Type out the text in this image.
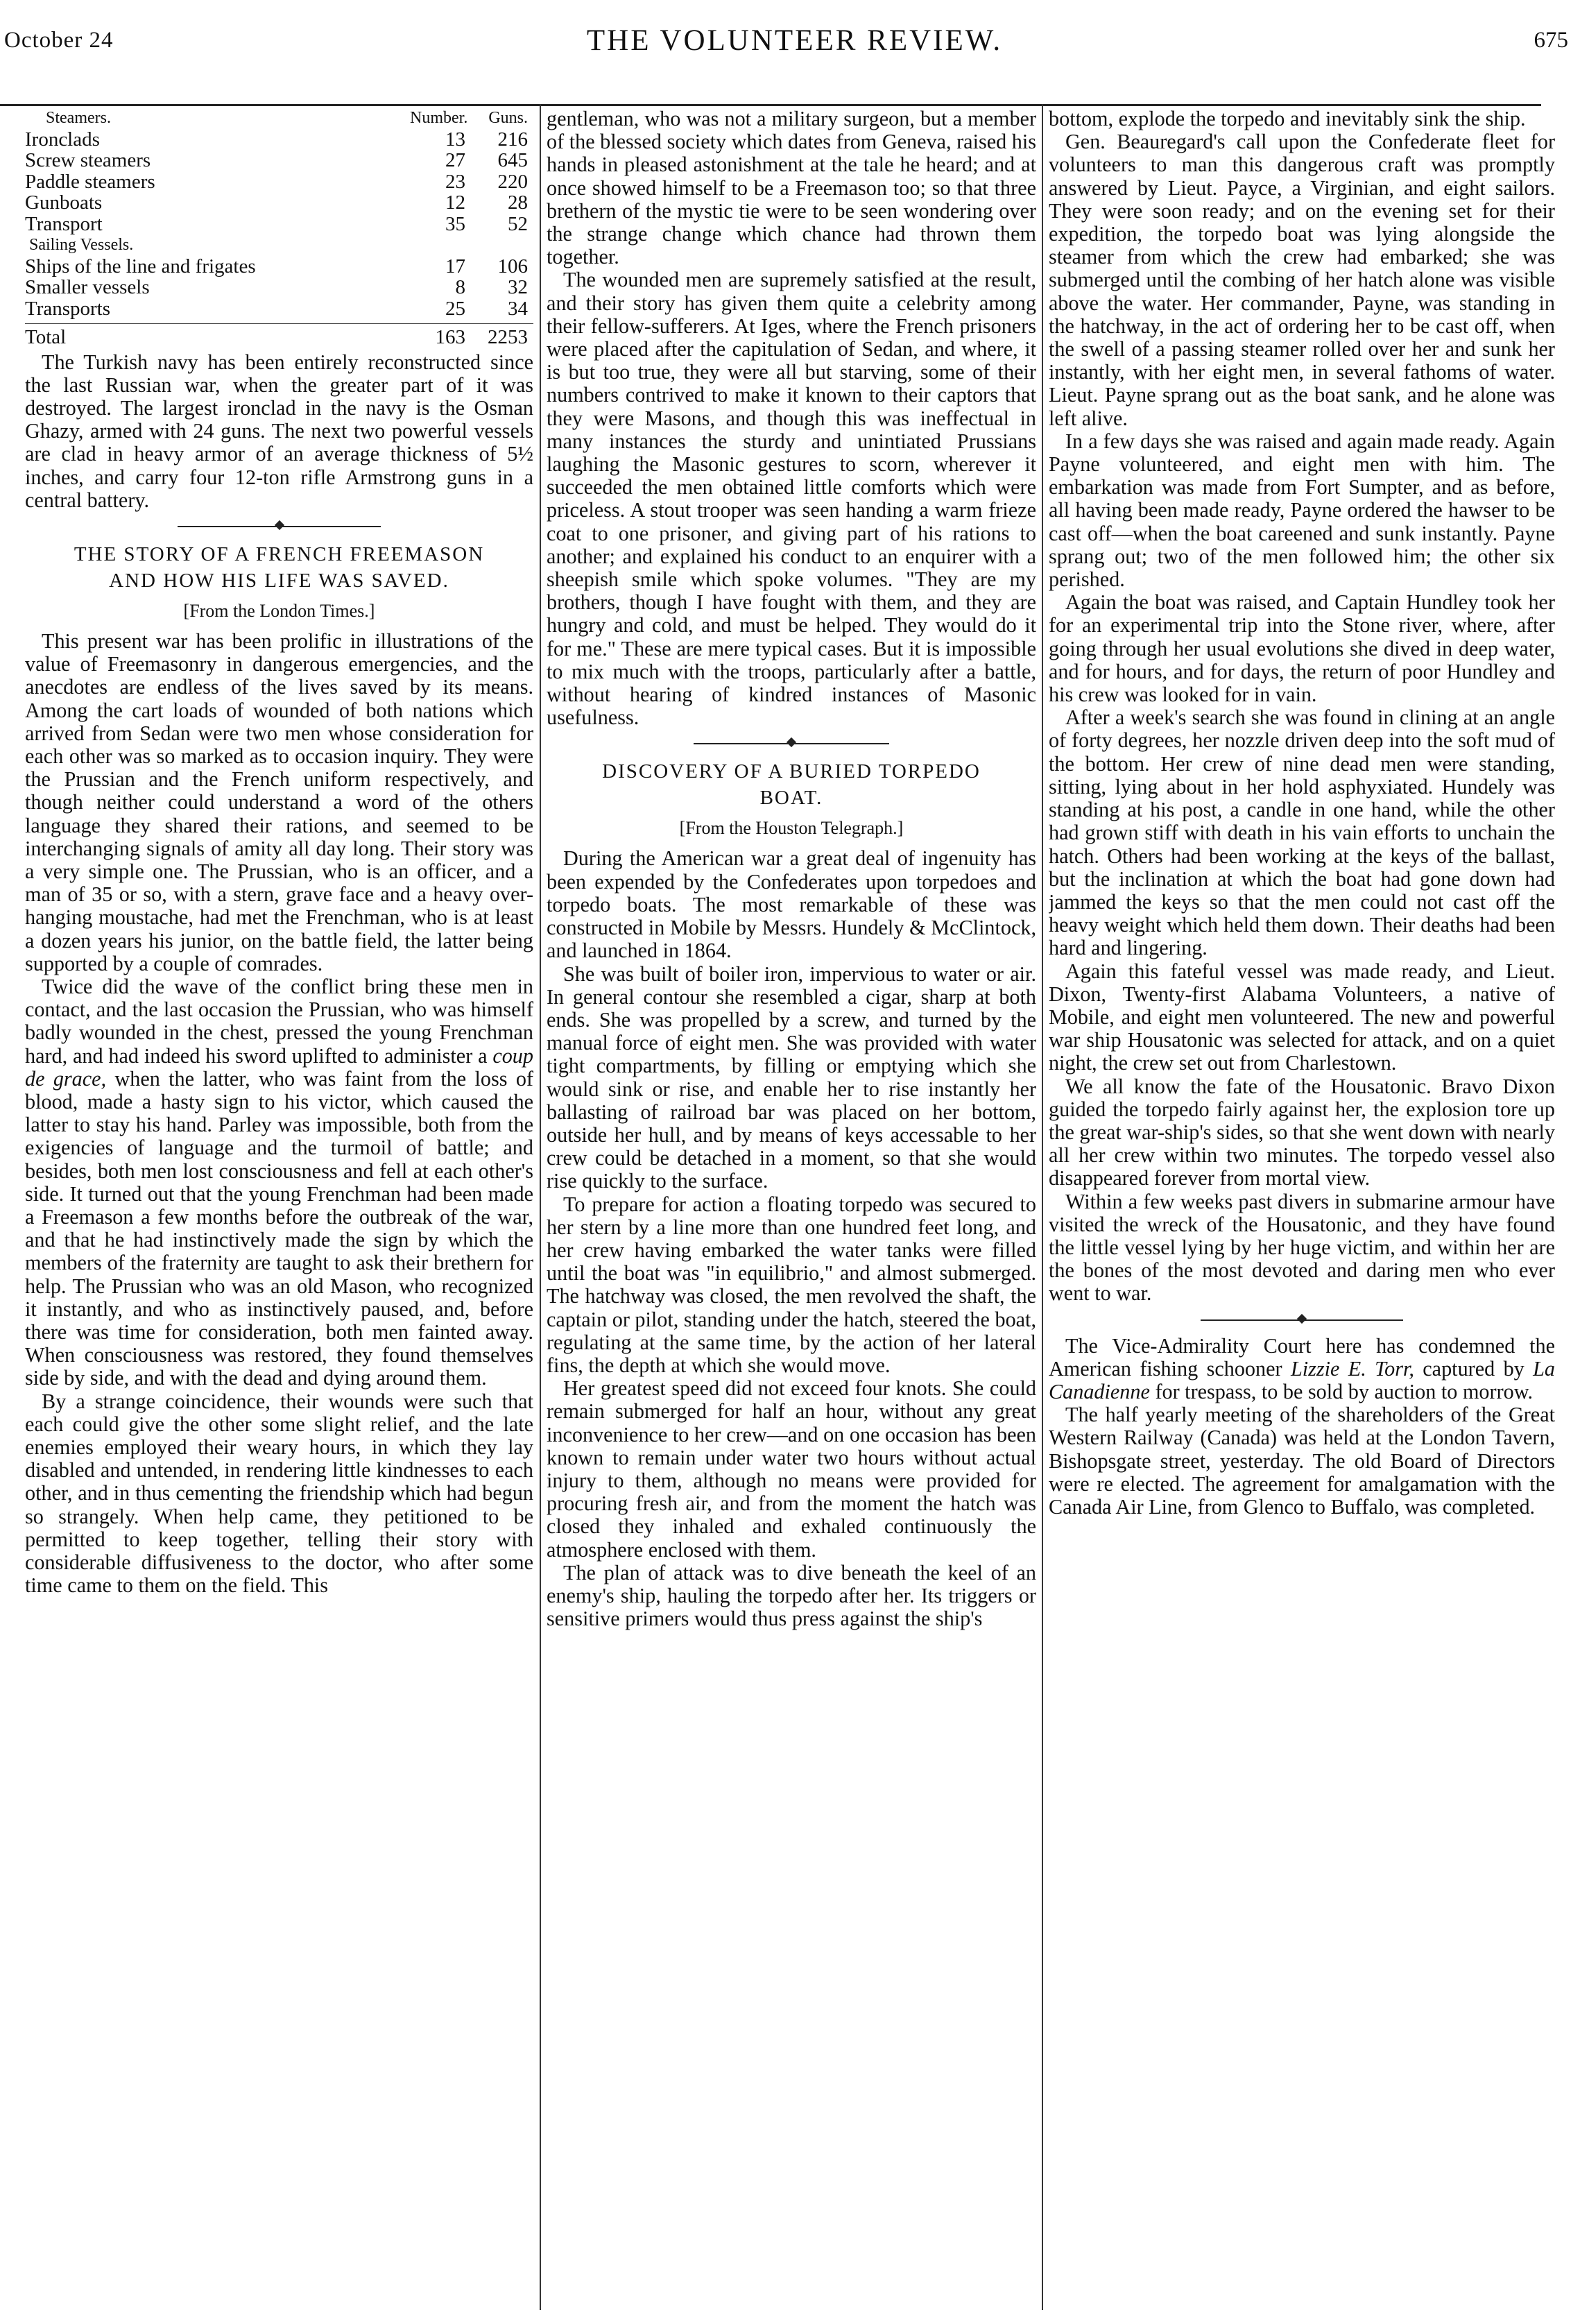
October 24	THE VOLUNTEER REVIEW.	675
Steamers.	Number.	Guns.
Ironclads	13	216
Screw steamers	27	645
Paddle steamers	23	220
Gunboats	12	28
Transport	35	52
Sailing Vessels.
Ships of the line and frigates	17	106
Smaller vessels	8	32
Transports	25	34
Total	163	2253

The Turkish navy has been entirely reconstructed since the last Russian war, when the greater part of it was destroyed. The largest ironclad in the navy is the Osman Ghazy, armed with 24 guns. The next two powerful vessels are clad in heavy armor of an average thickness of 5½ inches, and carry four 12-ton rifle Armstrong guns in a central battery.

THE STORY OF A FRENCH FREEMASON
AND HOW HIS LIFE WAS SAVED.
[From the London Times.]

This present war has been prolific in illustrations of the value of Freemasonry in dangerous emergencies, and the anecdotes are endless of the lives saved by its means. Among the cart loads of wounded of both nations which arrived from Sedan were two men whose consideration for each other was so marked as to occasion inquiry. They were the Prussian and the French uniform respectively, and though neither could understand a word of the others language they shared their rations, and seemed to be interchanging signals of amity all day long. Their story was a very simple one. The Prussian, who is an officer, and a man of 35 or so, with a stern, grave face and a heavy over-hanging moustache, had met the Frenchman, who is at least a dozen years his junior, on the battle field, the latter being supported by a couple of comrades.

Twice did the wave of the conflict bring these men in contact, and the last occasion the Prussian, who was himself badly wounded in the chest, pressed the young Frenchman hard, and had indeed his sword uplifted to administer a coup de grace, when the latter, who was faint from the loss of blood, made a hasty sign to his victor, which caused the latter to stay his hand. Parley was impossible, both from the exigencies of language and the turmoil of battle; and besides, both men lost consciousness and fell at each other's side. It turned out that the young Frenchman had been made a Freemason a few months before the outbreak of the war, and that he had instinctively made the sign by which the members of the fraternity are taught to ask their brethern for help. The Prussian who was an old Mason, who recognized it instantly, and who as instinctively paused, and, before there was time for consideration, both men fainted away. When consciousness was restored, they found themselves side by side, and with the dead and dying around them.

By a strange coincidence, their wounds were such that each could give the other some slight relief, and the late enemies employed their weary hours, in which they lay disabled and untended, in rendering little kindnesses to each other, and in thus cementing the friendship which had begun so strangely. When help came, they petitioned to be permitted to keep together, telling their story with considerable diffusiveness to the doctor, who after some time came to them on the field. This

gentleman, who was not a military surgeon, but a member of the blessed society which dates from Geneva, raised his hands in pleased astonishment at the tale he heard; and at once showed himself to be a Freemason too; so that three brethern of the mystic tie were to be seen wondering over the strange change which chance had thrown them together.

The wounded men are supremely satisfied at the result, and their story has given them quite a celebrity among their fellow-sufferers. At Iges, where the French prisoners were placed after the capitulation of Sedan, and where, it is but too true, they were all but starving, some of their numbers contrived to make it known to their captors that they were Masons, and though this was ineffectual in many instances the sturdy and unintiated Prussians laughing the Masonic gestures to scorn, wherever it succeeded the men obtained little comforts which were priceless. A stout trooper was seen handing a warm frieze coat to one prisoner, and giving part of his rations to another; and explained his conduct to an enquirer with a sheepish smile which spoke volumes. "They are my brothers, though I have fought with them, and they are hungry and cold, and must be helped. They would do it for me." These are mere typical cases. But it is impossible to mix much with the troops, particularly after a battle, without hearing of kindred instances of Masonic usefulness.

DISCOVERY OF A BURIED TORPEDO
BOAT.
[From the Houston Telegraph.]

During the American war a great deal of ingenuity has been expended by the Confederates upon torpedoes and torpedo boats. The most remarkable of these was constructed in Mobile by Messrs. Hundely & McClintock, and launched in 1864.

She was built of boiler iron, impervious to water or air. In general contour she resembled a cigar, sharp at both ends. She was propelled by a screw, and turned by the manual force of eight men. She was provided with water tight compartments, by filling or emptying which she would sink or rise, and enable her to rise instantly her ballasting of railroad bar was placed on her bottom, outside her hull, and by means of keys accessable to her crew could be detached in a moment, so that she would rise quickly to the surface.

To prepare for action a floating torpedo was secured to her stern by a line more than one hundred feet long, and her crew having embarked the water tanks were filled until the boat was "in equilibrio," and almost submerged. The hatchway was closed, the men revolved the shaft, the captain or pilot, standing under the hatch, steered the boat, regulating at the same time, by the action of her lateral fins, the depth at which she would move.

Her greatest speed did not exceed four knots. She could remain submerged for half an hour, without any great inconvenience to her crew—and on one occasion has been known to remain under water two hours without actual injury to them, although no means were provided for procuring fresh air, and from the moment the hatch was closed they inhaled and exhaled continuously the atmosphere enclosed with them.

The plan of attack was to dive beneath the keel of an enemy's ship, hauling the torpedo after her. Its triggers or sensitive primers would thus press against the ship's

bottom, explode the torpedo and inevitably sink the ship.

Gen. Beauregard's call upon the Confederate fleet for volunteers to man this dangerous craft was promptly answered by Lieut. Payce, a Virginian, and eight sailors. They were soon ready; and on the evening set for their expedition, the torpedo boat was lying alongside the steamer from which the crew had embarked; she was submerged until the combing of her hatch alone was visible above the water. Her commander, Payne, was standing in the hatchway, in the act of ordering her to be cast off, when the swell of a passing steamer rolled over her and sunk her instantly, with her eight men, in several fathoms of water. Lieut. Payne sprang out as the boat sank, and he alone was left alive.

In a few days she was raised and again made ready. Again Payne volunteered, and eight men with him. The embarkation was made from Fort Sumpter, and as before, all having been made ready, Payne ordered the hawser to be cast off—when the boat careened and sunk instantly. Payne sprang out; two of the men followed him; the other six perished.

Again the boat was raised, and Captain Hundley took her for an experimental trip into the Stone river, where, after going through her usual evolutions she dived in deep water, and for hours, and for days, the return of poor Hundley and his crew was looked for in vain.

After a week's search she was found in clining at an angle of forty degrees, her nozzle driven deep into the soft mud of the bottom. Her crew of nine dead men were standing, sitting, lying about in her hold asphyxiated. Hundely was standing at his post, a candle in one hand, while the other had grown stiff with death in his vain efforts to unchain the hatch. Others had been working at the keys of the ballast, but the inclination at which the boat had gone down had jammed the keys so that the men could not cast off the heavy weight which held them down. Their deaths had been hard and lingering.

Again this fateful vessel was made ready, and Lieut. Dixon, Twenty-first Alabama Volunteers, a native of Mobile, and eight men volunteered. The new and powerful war ship Housatonic was selected for attack, and on a quiet night, the crew set out from Charlestown.

We all know the fate of the Housatonic. Bravo Dixon guided the torpedo fairly against her, the explosion tore up the great war-ship's sides, so that she went down with nearly all her crew within two minutes. The torpedo vessel also disappeared forever from mortal view.

Within a few weeks past divers in submarine armour have visited the wreck of the Housatonic, and they have found the little vessel lying by her huge victim, and within her are the bones of the most devoted and daring men who ever went to war.

The Vice-Admirality Court here has condemned the American fishing schooner Lizzie E. Torr, captured by La Canadienne for trespass, to be sold by auction to morrow.

The half yearly meeting of the shareholders of the Great Western Railway (Canada) was held at the London Tavern, Bishopsgate street, yesterday. The old Board of Directors were re elected. The agreement for amalgamation with the Canada Air Line, from Glenco to Buffalo, was completed.
